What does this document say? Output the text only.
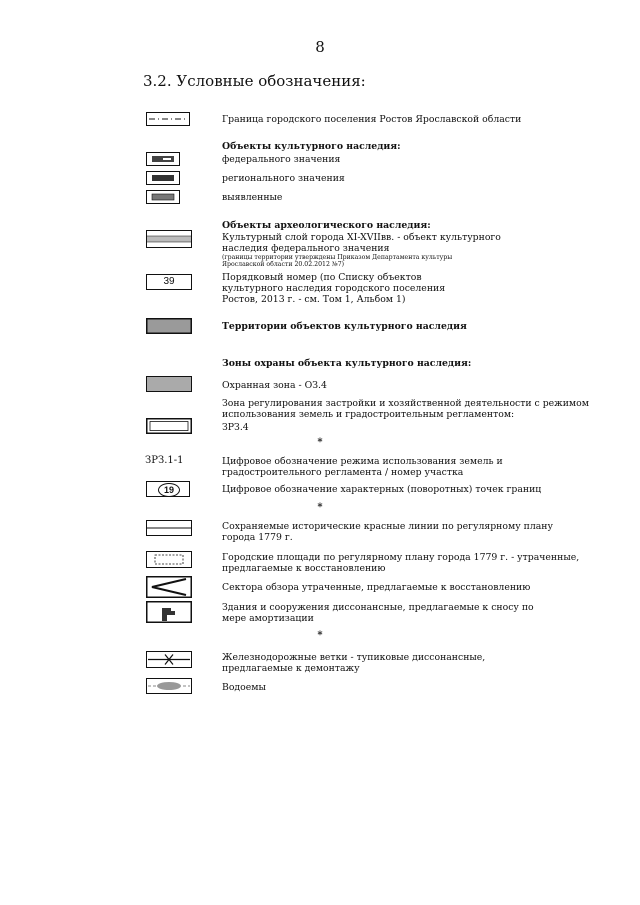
8
3.2. Условные обозначения:
Граница городского поселения Ростов Ярославской области
Объекты культурного наследия:
федерального значения
регионального значения
выявленные
Объекты археологического наследия:
Культурный слой города XI-XVIIвв. - объект культурного
наследия федерального значения
(границы территории утверждены Приказом Департамента культуры
Ярославской области 20.02.2012 №7)
39	Порядковый номер (по Списку объектов
культурного наследия городского поселения
Ростов, 2013 г. - см. Том 1, Альбом 1)
Территории объектов культурного наследия
Зоны охраны объекта культурного наследия:
Охранная зона - ОЗ.4
Зона регулирования застройки и хозяйственной деятельности с режимом
использования земель и градостроительным регламентом:
ЗРЗ.4
*
ЗРЗ.1-1	Цифровое обозначение режима использования земель и
градостроительного регламента / номер участка
19	Цифровое обозначение характерных (поворотных) точек границ
*
Сохраняемые исторические красные линии по регулярному плану
города 1779 г.
Городские площади по регулярному плану города 1779 г. - утраченные,
предлагаемые к восстановлению
Сектора обзора утраченные, предлагаемые к восстановлению
Здания и сооружения диссонансные, предлагаемые к сносу по
мере амортизации
*
Железнодорожные ветки - тупиковые диссонансные,
предлагаемые к демонтажу
Водоемы
